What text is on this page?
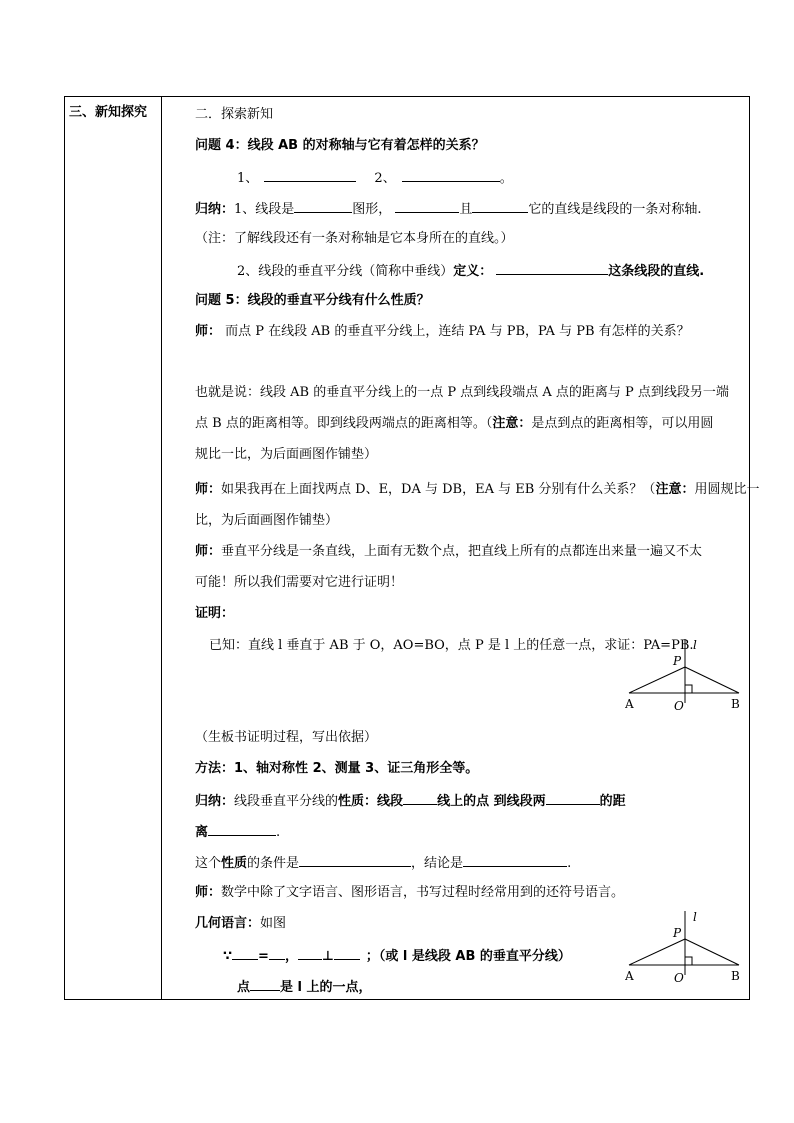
三、新知探究	二．探索新知
问题 4：线段 AB 的对称轴与它有着怎样的关系？
1、	2、	。
归纳：1、线段是	图形，	且	它的直线是线段的一条对称轴.
（注：了解线段还有一条对称轴是它本身所在的直线。）
2、线段的垂直平分线（简称中垂线）定义：	这条线段的直线.
问题 5：线段的垂直平分线有什么性质？
师： 而点 P 在线段 AB 的垂直平分线上，连结 PA 与 PB，PA 与 PB 有怎样的关系？
也就是说：线段 AB 的垂直平分线上的一点 P 点到线段端点 A 点的距离与 P 点到线段另一端
点 B 点的距离相等。即到线段两端点的距离相等。（注意：是点到点的距离相等，可以用圆
规比一比，为后面画图作铺垫）
师：如果我再在上面找两点 D、E，DA 与 DB，EA 与 EB 分别有什么关系？（注意：用圆规比一
比，为后面画图作铺垫）
师：垂直平分线是一条直线，上面有无数个点，把直线上所有的点都连出来量一遍又不太
可能！所以我们需要对它进行证明！
证明：
已知：直线 l 垂直于 AB 于 O，AO=BO，点 P 是 l 上的任意一点，求证：PA=PB. l
P
A	O	B
（生板书证明过程，写出依据）
方法：1、轴对称性 2、测量 3、证三角形全等。
归纳：线段垂直平分线的性质：线段	线上的点 到线段两	的距
离	.
这个性质的条件是	，结论是	.
师：数学中除了文字语言、图形语言，书写过程时经常用到的还符号语言。
几何语言：如图
∵ = ， ⊥ ；（或 l 是线段 AB 的垂直平分线）
点 是 l 上的一点，
l
P
A	O	B
